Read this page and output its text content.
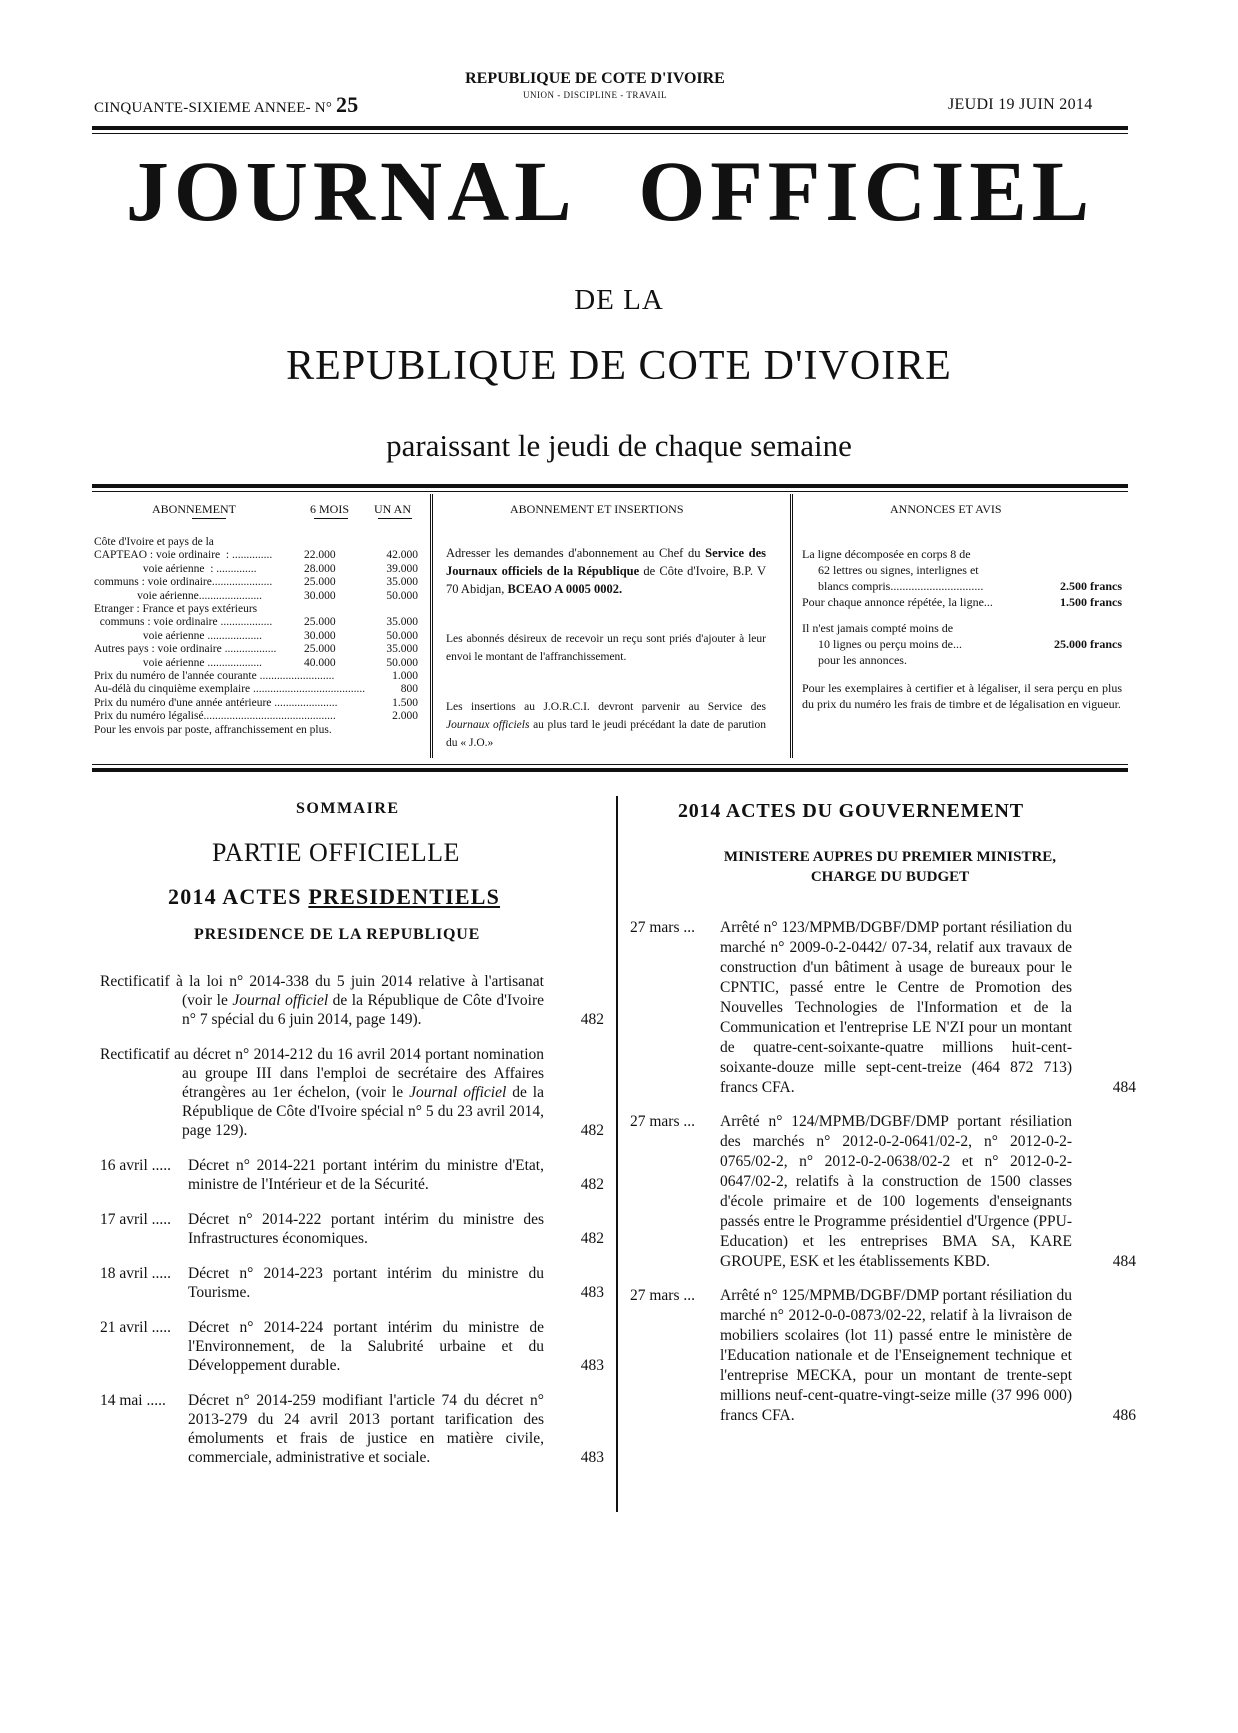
CINQUANTE-SIXIEME ANNEE- N° 25
REPUBLIQUE DE COTE D'IVOIRE
UNION - DISCIPLINE - TRAVAIL
JEUDI 19 JUIN 2014
JOURNAL OFFICIEL
DE LA
REPUBLIQUE DE COTE D'IVOIRE
paraissant le jeudi de chaque semaine
ABONNEMENT	6 MOIS UN AN
Côte d'Ivoire et pays de la
CAPTEAO : voie ordinaire  : ..............	22.000	42.000
voie aérienne  : ..............	28.000	39.000
communs : voie ordinaire.....................	25.000	35.000
voie aérienne......................	30.000	50.000
Etranger : France et pays extérieurs
communs : voie ordinaire ..................	25.000	35.000
voie aérienne ...................	30.000	50.000
Autres pays : voie ordinaire ..................	25.000	35.000
voie aérienne ...................	40.000	50.000
Prix du numéro de l'année courante ..........................	1.000
Au-délà du cinquième exemplaire .......................................	800
Prix du numéro d'une année antérieure ......................	1.500
Prix du numéro légalisé..............................................	2.000
Pour les envois par poste, affranchissement en plus.
ABONNEMENT ET INSERTIONS
Adresser les demandes d'abonnement au Chef du Service des Journaux officiels de la République de Côte d'Ivoire, B.P. V 70 Abidjan, BCEAO A 0005 0002.
Les abonnés désireux de recevoir un reçu sont priés d'ajouter à leur envoi le montant de l'affranchissement.
Les insertions au J.O.R.C.I. devront parvenir au Service des Journaux officiels au plus tard le jeudi précédant la date de parution du « J.O.»
ANNONCES ET AVIS
La ligne décomposée en corps 8 de
62 lettres ou signes, interlignes et
blancs compris...............................	2.500 francs
Pour chaque annonce répétée, la ligne...	1.500 francs
Il n'est jamais compté moins de
10 lignes ou perçu moins de...	25.000 francs
pour les annonces.
Pour les exemplaires à certifier et à légaliser, il sera perçu en plus du prix du numéro les frais de timbre et de légalisation en vigueur.
SOMMAIRE
PARTIE OFFICIELLE
2014 ACTES PRESIDENTIELS
PRESIDENCE DE LA REPUBLIQUE
Rectificatif à la loi n° 2014-338 du 5 juin 2014 relative à l'artisanat (voir le Journal officiel de la République de Côte d'Ivoire n° 7 spécial du 6 juin 2014, page 149).	482
Rectificatif au décret n° 2014-212 du 16 avril 2014 portant nomination au groupe III dans l'emploi de secrétaire des Affaires étrangères au 1er échelon, (voir le Journal officiel de la République de Côte d'Ivoire spécial n° 5 du 23 avril 2014, page 129).	482
16 avril .....	Décret n° 2014-221 portant intérim du ministre d'Etat, ministre de l'Intérieur et de la Sécurité.	482
17 avril .....	Décret n° 2014-222 portant intérim du ministre des Infrastructures économiques.	482
18 avril .....	Décret n° 2014-223 portant intérim du ministre du Tourisme.	483
21 avril .....	Décret n° 2014-224 portant intérim du ministre de l'Environnement, de la Salubrité urbaine et du Développement durable.	483
14 mai .....	Décret n° 2014-259 modifiant l'article 74 du décret n° 2013-279 du 24 avril 2013 portant tarification des émoluments et frais de justice en matière civile, commerciale, administrative et sociale.	483
2014 ACTES DU GOUVERNEMENT
MINISTERE AUPRES DU PREMIER MINISTRE,
CHARGE DU BUDGET
27 mars ...	Arrêté n° 123/MPMB/DGBF/DMP portant résiliation du marché n° 2009-0-2-0442/ 07-34, relatif aux travaux de construction d'un bâtiment à usage de bureaux pour le CPNTIC, passé entre le Centre de Promotion des Nouvelles Technologies de l'Information et de la Communication et l'entreprise LE N'ZI pour un montant de quatre-cent-soixante-quatre millions huit-cent-soixante-douze mille sept-cent-treize (464 872 713) francs CFA.	484
27 mars ...	Arrêté n° 124/MPMB/DGBF/DMP portant résiliation des marchés n° 2012-0-2-0641/02-2, n° 2012-0-2-0765/02-2, n° 2012-0-2-0638/02-2 et n° 2012-0-2-0647/02-2, relatifs à la construction de 1500 classes d'école primaire et de 100 logements d'enseignants passés entre le Programme présidentiel d'Urgence (PPU-Education) et les entreprises BMA SA, KARE GROUPE, ESK et les établissements KBD.	484
27 mars ...	Arrêté n° 125/MPMB/DGBF/DMP portant résiliation du marché n° 2012-0-0-0873/02-22, relatif à la livraison de mobiliers scolaires (lot 11) passé entre le ministère de l'Education nationale et de l'Enseignement technique et l'entreprise MECKA, pour un montant de trente-sept millions neuf-cent-quatre-vingt-seize mille (37 996 000) francs CFA.	486
